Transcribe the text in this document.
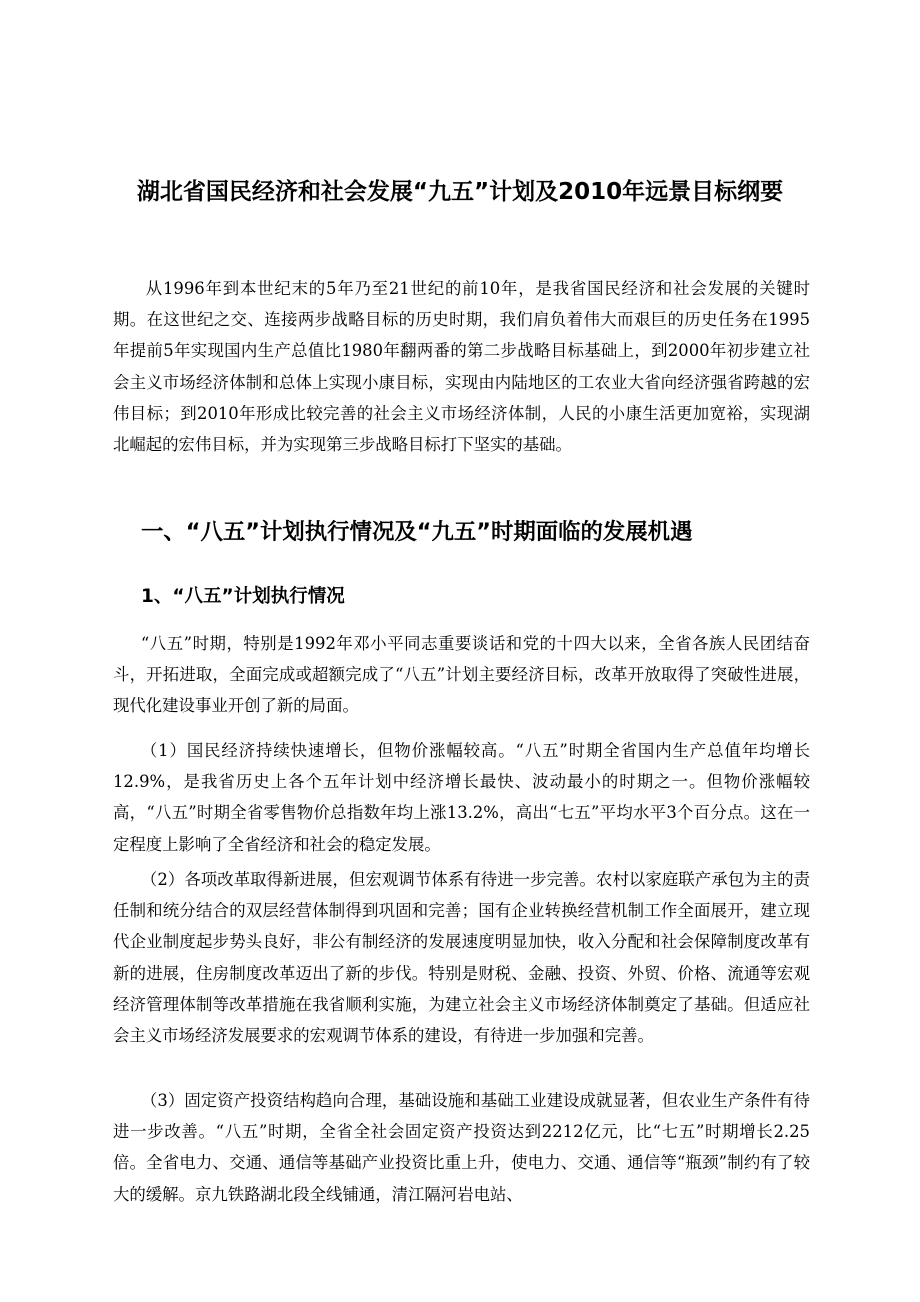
湖北省国民经济和社会发展“九五”计划及2010年远景目标纲要

从1996年到本世纪末的5年乃至21世纪的前10年，是我省国民经济和社会发展的关键时期。在这世纪之交、连接两步战略目标的历史时期，我们肩负着伟大而艰巨的历史任务在1995年提前5年实现国内生产总值比1980年翻两番的第二步战略目标基础上，到2000年初步建立社会主义市场经济体制和总体上实现小康目标，实现由内陆地区的工农业大省向经济强省跨越的宏伟目标；到2010年形成比较完善的社会主义市场经济体制，人民的小康生活更加宽裕，实现湖北崛起的宏伟目标，并为实现第三步战略目标打下坚实的基础。

一、“八五”计划执行情况及“九五”时期面临的发展机遇
1、“八五”计划执行情况

“八五”时期，特别是1992年邓小平同志重要谈话和党的十四大以来，全省各族人民团结奋斗，开拓进取，全面完成或超额完成了“八五”计划主要经济目标，改革开放取得了突破性进展，现代化建设事业开创了新的局面。

（1）国民经济持续快速增长，但物价涨幅较高。“八五”时期全省国内生产总值年均增长12.9%，是我省历史上各个五年计划中经济增长最快、波动最小的时期之一。但物价涨幅较高，“八五”时期全省零售物价总指数年均上涨13.2%，高出“七五”平均水平3个百分点。这在一定程度上影响了全省经济和社会的稳定发展。

（2）各项改革取得新进展，但宏观调节体系有待进一步完善。农村以家庭联产承包为主的责任制和统分结合的双层经营体制得到巩固和完善；国有企业转换经营机制工作全面展开，建立现代企业制度起步势头良好，非公有制经济的发展速度明显加快，收入分配和社会保障制度改革有新的进展，住房制度改革迈出了新的步伐。特别是财税、金融、投资、外贸、价格、流通等宏观经济管理体制等改革措施在我省顺利实施，为建立社会主义市场经济体制奠定了基础。但适应社会主义市场经济发展要求的宏观调节体系的建设，有待进一步加强和完善。

（3）固定资产投资结构趋向合理，基础设施和基础工业建设成就显著，但农业生产条件有待进一步改善。“八五”时期，全省全社会固定资产投资达到2212亿元，比“七五”时期增长2.25倍。全省电力、交通、通信等基础产业投资比重上升，使电力、交通、通信等“瓶颈”制约有了较大的缓解。京九铁路湖北段全线铺通，清江隔河岩电站、
